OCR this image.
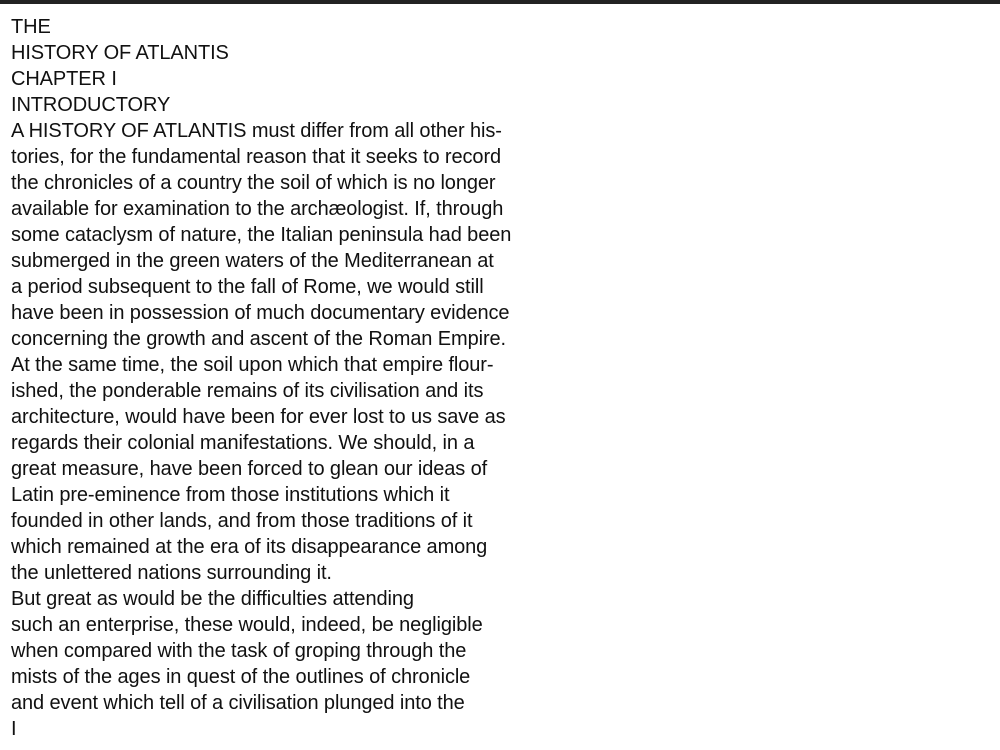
THE
HISTORY OF ATLANTIS
CHAPTER I
INTRODUCTORY
A HISTORY OF ATLANTIS must differ from all other his-
tories, for the fundamental reason that it seeks to record
the chronicles of a country the soil of which is no longer
available for examination to the archæologist. If, through
some cataclysm of nature, the Italian peninsula had been
submerged in the green waters of the Mediterranean at
a period subsequent to the fall of Rome, we would still
have been in possession of much documentary evidence
concerning the growth and ascent of the Roman Empire.
At the same time, the soil upon which that empire flour-
ished, the ponderable remains of its civilisation and its
architecture, would have been for ever lost to us save as
regards their colonial manifestations. We should, in a
great measure, have been forced to glean our ideas of
Latin pre-eminence from those institutions which it
founded in other lands, and from those traditions of it
which remained at the era of its disappearance among
the unlettered nations surrounding it.
But great as would be the difficulties attending
such an enterprise, these would, indeed, be negligible
when compared with the task of groping through the
mists of the ages in quest of the outlines of chronicle
and event which tell of a civilisation plunged into the
I
